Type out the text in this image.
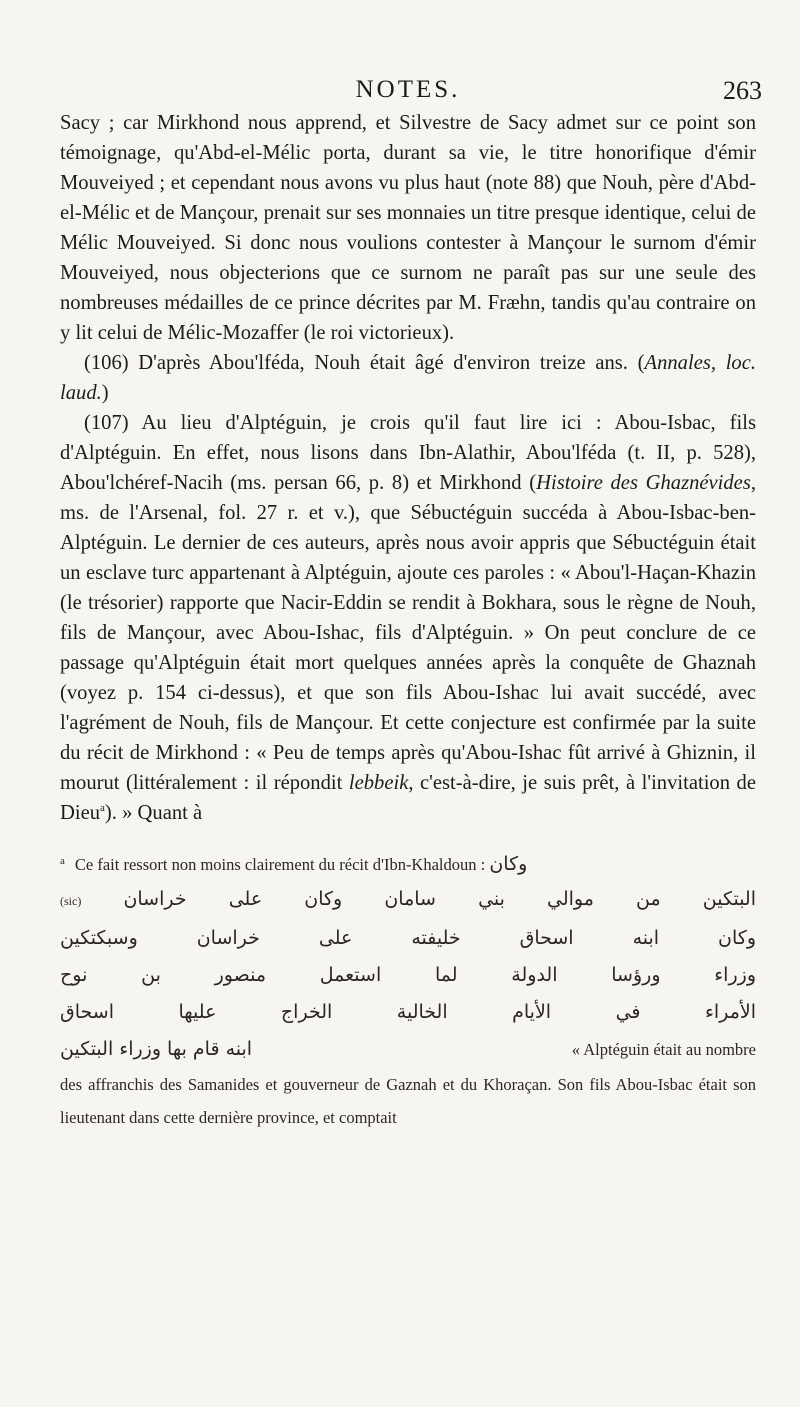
NOTES.	263

Sacy ; car Mirkhond nous apprend, et Silvestre de Sacy admet sur ce point son témoignage, qu'Abd-el-Mélic porta, durant sa vie, le titre honorifique d'émir Mouveiyed ; et cependant nous avons vu plus haut (note 88) que Nouh, père d'Abd-el-Mélic et de Mançour, prenait sur ses monnaies un titre presque identique, celui de Mélic Mouveiyed. Si donc nous voulions contester à Mançour le surnom d'émir Mouveiyed, nous objecterions que ce surnom ne paraît pas sur une seule des nombreuses médailles de ce prince décrites par M. Fræhn, tandis qu'au contraire on y lit celui de Mélic-Mozaffer (le roi victorieux).

(106) D'après Abou'lféda, Nouh était âgé d'environ treize ans. (Annales, loc. laud.)

(107) Au lieu d'Alptéguin, je crois qu'il faut lire ici : Abou-Isbac, fils d'Alptéguin. En effet, nous lisons dans Ibn-Alathir, Abou'lféda (t. II, p. 528), Abou'lchéref-Nacih (ms. persan 66, p. 8) et Mirkhond (Histoire des Ghaznévides, ms. de l'Arsenal, fol. 27 r. et v.), que Sébuctéguin succéda à Abou-Isbac-ben-Alptéguin. Le dernier de ces auteurs, après nous avoir appris que Sébuctéguin était un esclave turc appartenant à Alptéguin, ajoute ces paroles : « Abou'l-Haçan-Khazin (le trésorier) rapporte que Nacir-Eddin se rendit à Bokhara, sous le règne de Nouh, fils de Mançour, avec Abou-Ishac, fils d'Alptéguin. » On peut conclure de ce passage qu'Alptéguin était mort quelques années après la conquête de Ghaznah (voyez p. 154 ci-dessus), et que son fils Abou-Ishac lui avait succédé, avec l'agrément de Nouh, fils de Mançour. Et cette conjecture est confirmée par la suite du récit de Mirkhond : « Peu de temps après qu'Abou-Ishac fût arrivé à Ghiznin, il mourut (littéralement : il répondit lebbeik, c'est-à-dire, je suis prêt, à l'invitation de Dieu$^a$). » Quant à

$^a$ Ce fait ressort non moins clairement du récit d'Ibn-Khaldoun : وكان

البتكين من موالي بني سامان وكان على خراسان (sic)
وكان ابنه اسحاق خليفته على خراسان وسبكتكين
وزراء ورؤسا الدولة لما استعمل منصور بن نوح
الأمراء في الأيام الخالية الخراج عليها اسحاق
ابنه قام بها وزراء البتكين	« Alptéguin était au nombre

des affranchis des Samanides et gouverneur de Gaznah et du Khoraçan. Son fils Abou-Isbac était son lieutenant dans cette dernière province, et comptait
